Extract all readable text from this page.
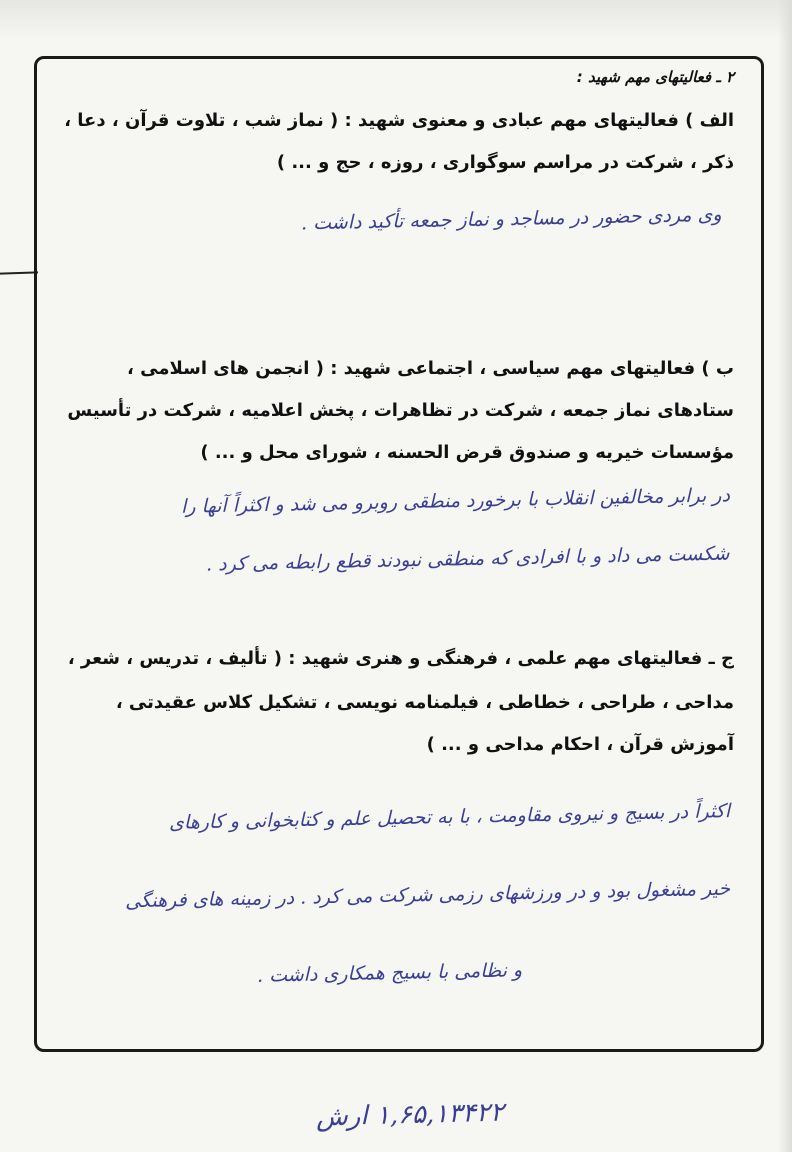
۲ ـ فعالیتهای مهم شهید :
الف ) فعالیتهای مهم عبادی و معنوی شهید : ( نماز شب ، تلاوت قرآن ، دعا ،
ذکر ، شرکت در مراسم سوگواری ، روزه ، حج و ... )
وی مردی حضور در مساجد و نماز جمعه تأکید داشت .
ب ) فعالیتهای مهم سیاسی ، اجتماعی شهید : ( انجمن های اسلامی ،
ستادهای نماز جمعه ، شرکت در تظاهرات ، پخش اعلامیه ، شرکت در تأسیس
مؤسسات خیریه و صندوق قرض الحسنه ، شورای محل و ... )
در برابر مخالفین انقلاب با برخورد منطقی روبرو می شد و اکثراً آنها را
شکست می داد و با افرادی که منطقی نبودند قطع رابطه می کرد .
ج ـ فعالیتهای مهم علمی ، فرهنگی و هنری شهید : ( تألیف ، تدریس ، شعر ،
مداحی ، طراحی ، خطاطی ، فیلمنامه نویسی ، تشکیل کلاس عقیدتی ،
آموزش قرآن ، احکام مداحی و ... )
اکثراً در بسیج و نیروی مقاومت ، با به تحصیل علم و کتابخوانی و کارهای
خیر مشغول بود و در ورزشهای رزمی شرکت می کرد . در زمینه های فرهنگی
و نظامی با بسیج همکاری داشت .
۱,۶۵,۱۳۴۲۲ ارش
